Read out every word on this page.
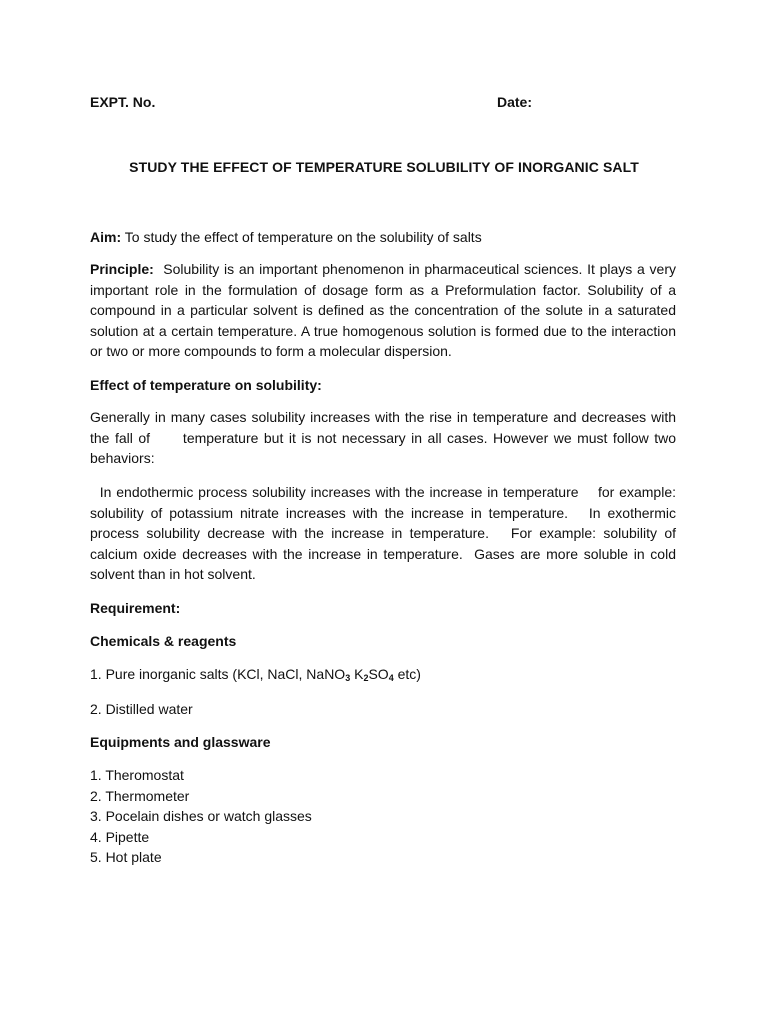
EXPT. No.	Date:
STUDY THE EFFECT OF TEMPERATURE SOLUBILITY OF INORGANIC SALT
Aim: To study the effect of temperature on the solubility of salts
Principle:  Solubility is an important phenomenon in pharmaceutical sciences. It plays a very important role in the formulation of dosage form as a Preformulation factor. Solubility of a compound in a particular solvent is defined as the concentration of the solute in a saturated solution at a certain temperature. A true homogenous solution is formed due to the interaction or two or more compounds to form a molecular dispersion.
Effect of temperature on solubility:
Generally in many cases solubility increases with the rise in temperature and decreases with the fall of      temperature but it is not necessary in all cases. However we must follow two behaviors:
In endothermic process solubility increases with the increase in temperature    for example: solubility of potassium nitrate increases with the increase in temperature.   In exothermic process solubility decrease with the increase in temperature.   For example: solubility of calcium oxide decreases with the increase in temperature.  Gases are more soluble in cold solvent than in hot solvent.
Requirement:
Chemicals & reagents
1. Pure inorganic salts (KCl, NaCl, NaNO$_3$ $K_2SO_4$ etc)
2. Distilled water
Equipments and glassware
1. Theromostat
2. Thermometer
3. Pocelain dishes or watch glasses
4. Pipette
5. Hot plate
